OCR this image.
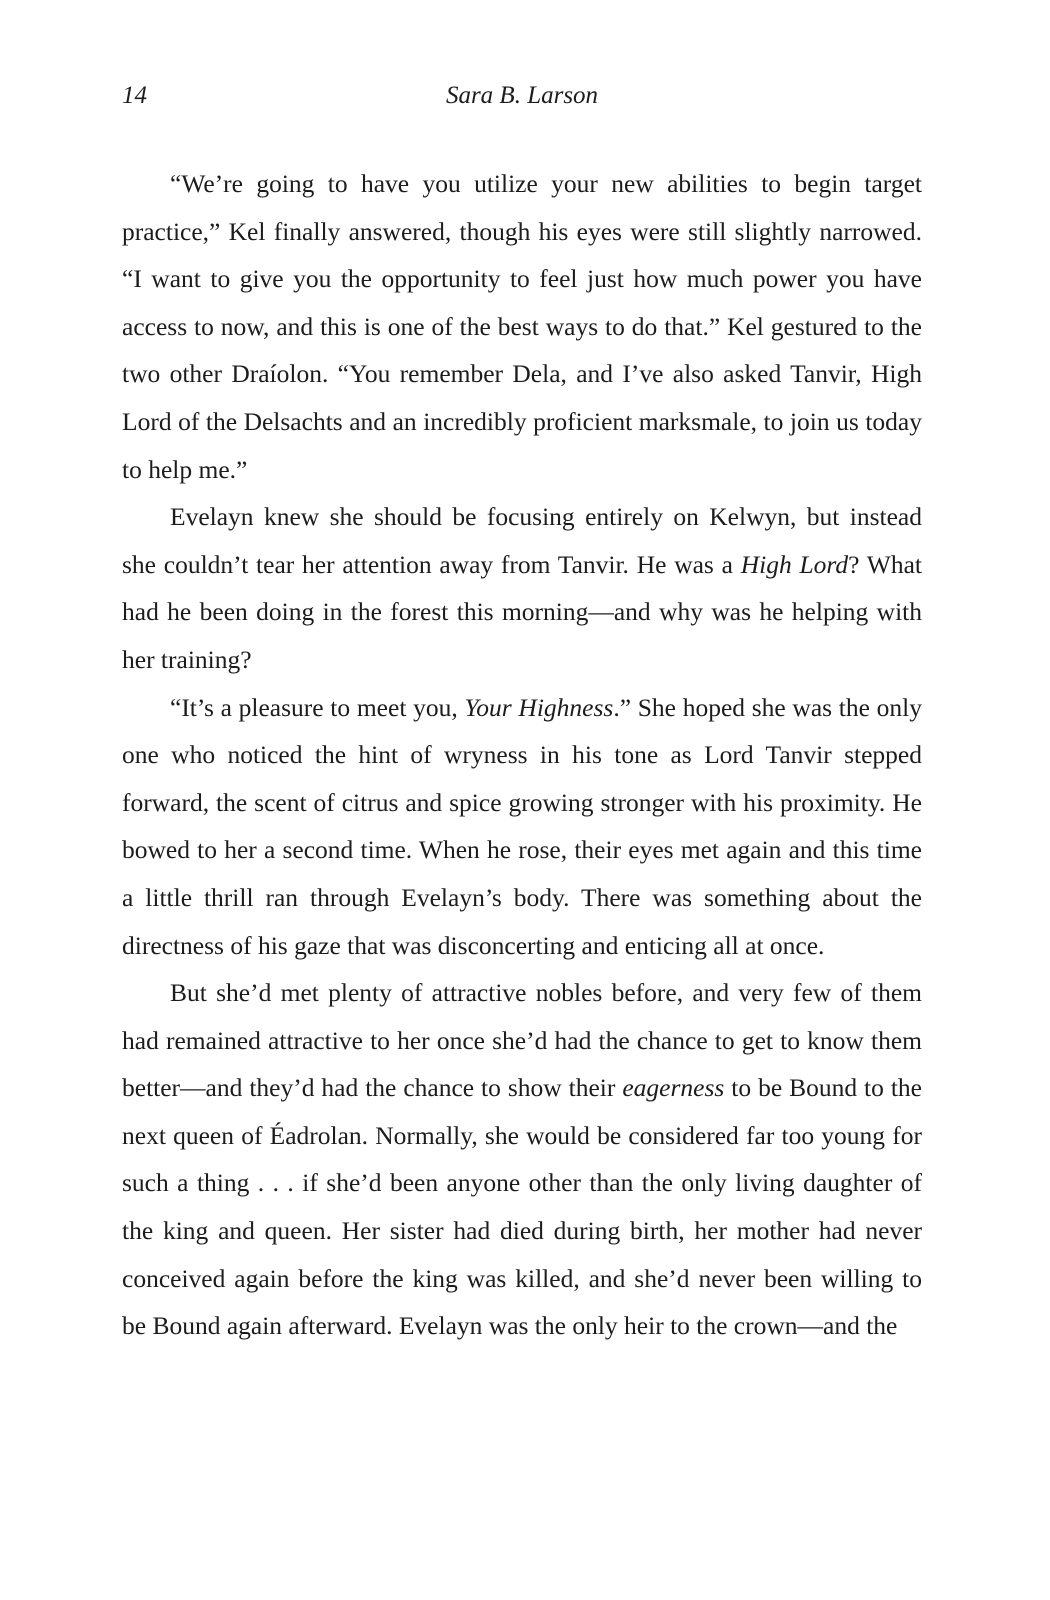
14	Sara B. Larson

“We’re going to have you utilize your new abilities to begin target practice,” Kel finally answered, though his eyes were still slightly narrowed. “I want to give you the opportunity to feel just how much power you have access to now, and this is one of the best ways to do that.” Kel gestured to the two other Draíolon. “You remember Dela, and I’ve also asked Tanvir, High Lord of the Delsachts and an incredibly proficient marksmale, to join us today to help me.”

Evelayn knew she should be focusing entirely on Kelwyn, but instead she couldn’t tear her attention away from Tanvir. He was a High Lord? What had he been doing in the forest this morning—and why was he helping with her training?

“It’s a pleasure to meet you, Your Highness.” She hoped she was the only one who noticed the hint of wryness in his tone as Lord Tanvir stepped forward, the scent of citrus and spice growing stronger with his proximity. He bowed to her a second time. When he rose, their eyes met again and this time a little thrill ran through Evelayn’s body. There was something about the directness of his gaze that was disconcerting and enticing all at once.

But she’d met plenty of attractive nobles before, and very few of them had remained attractive to her once she’d had the chance to get to know them better—and they’d had the chance to show their eagerness to be Bound to the next queen of Éadrolan. Normally, she would be considered far too young for such a thing . . . if she’d been anyone other than the only living daughter of the king and queen. Her sister had died during birth, her mother had never conceived again before the king was killed, and she’d never been willing to be Bound again afterward. Evelayn was the only heir to the crown—and the
